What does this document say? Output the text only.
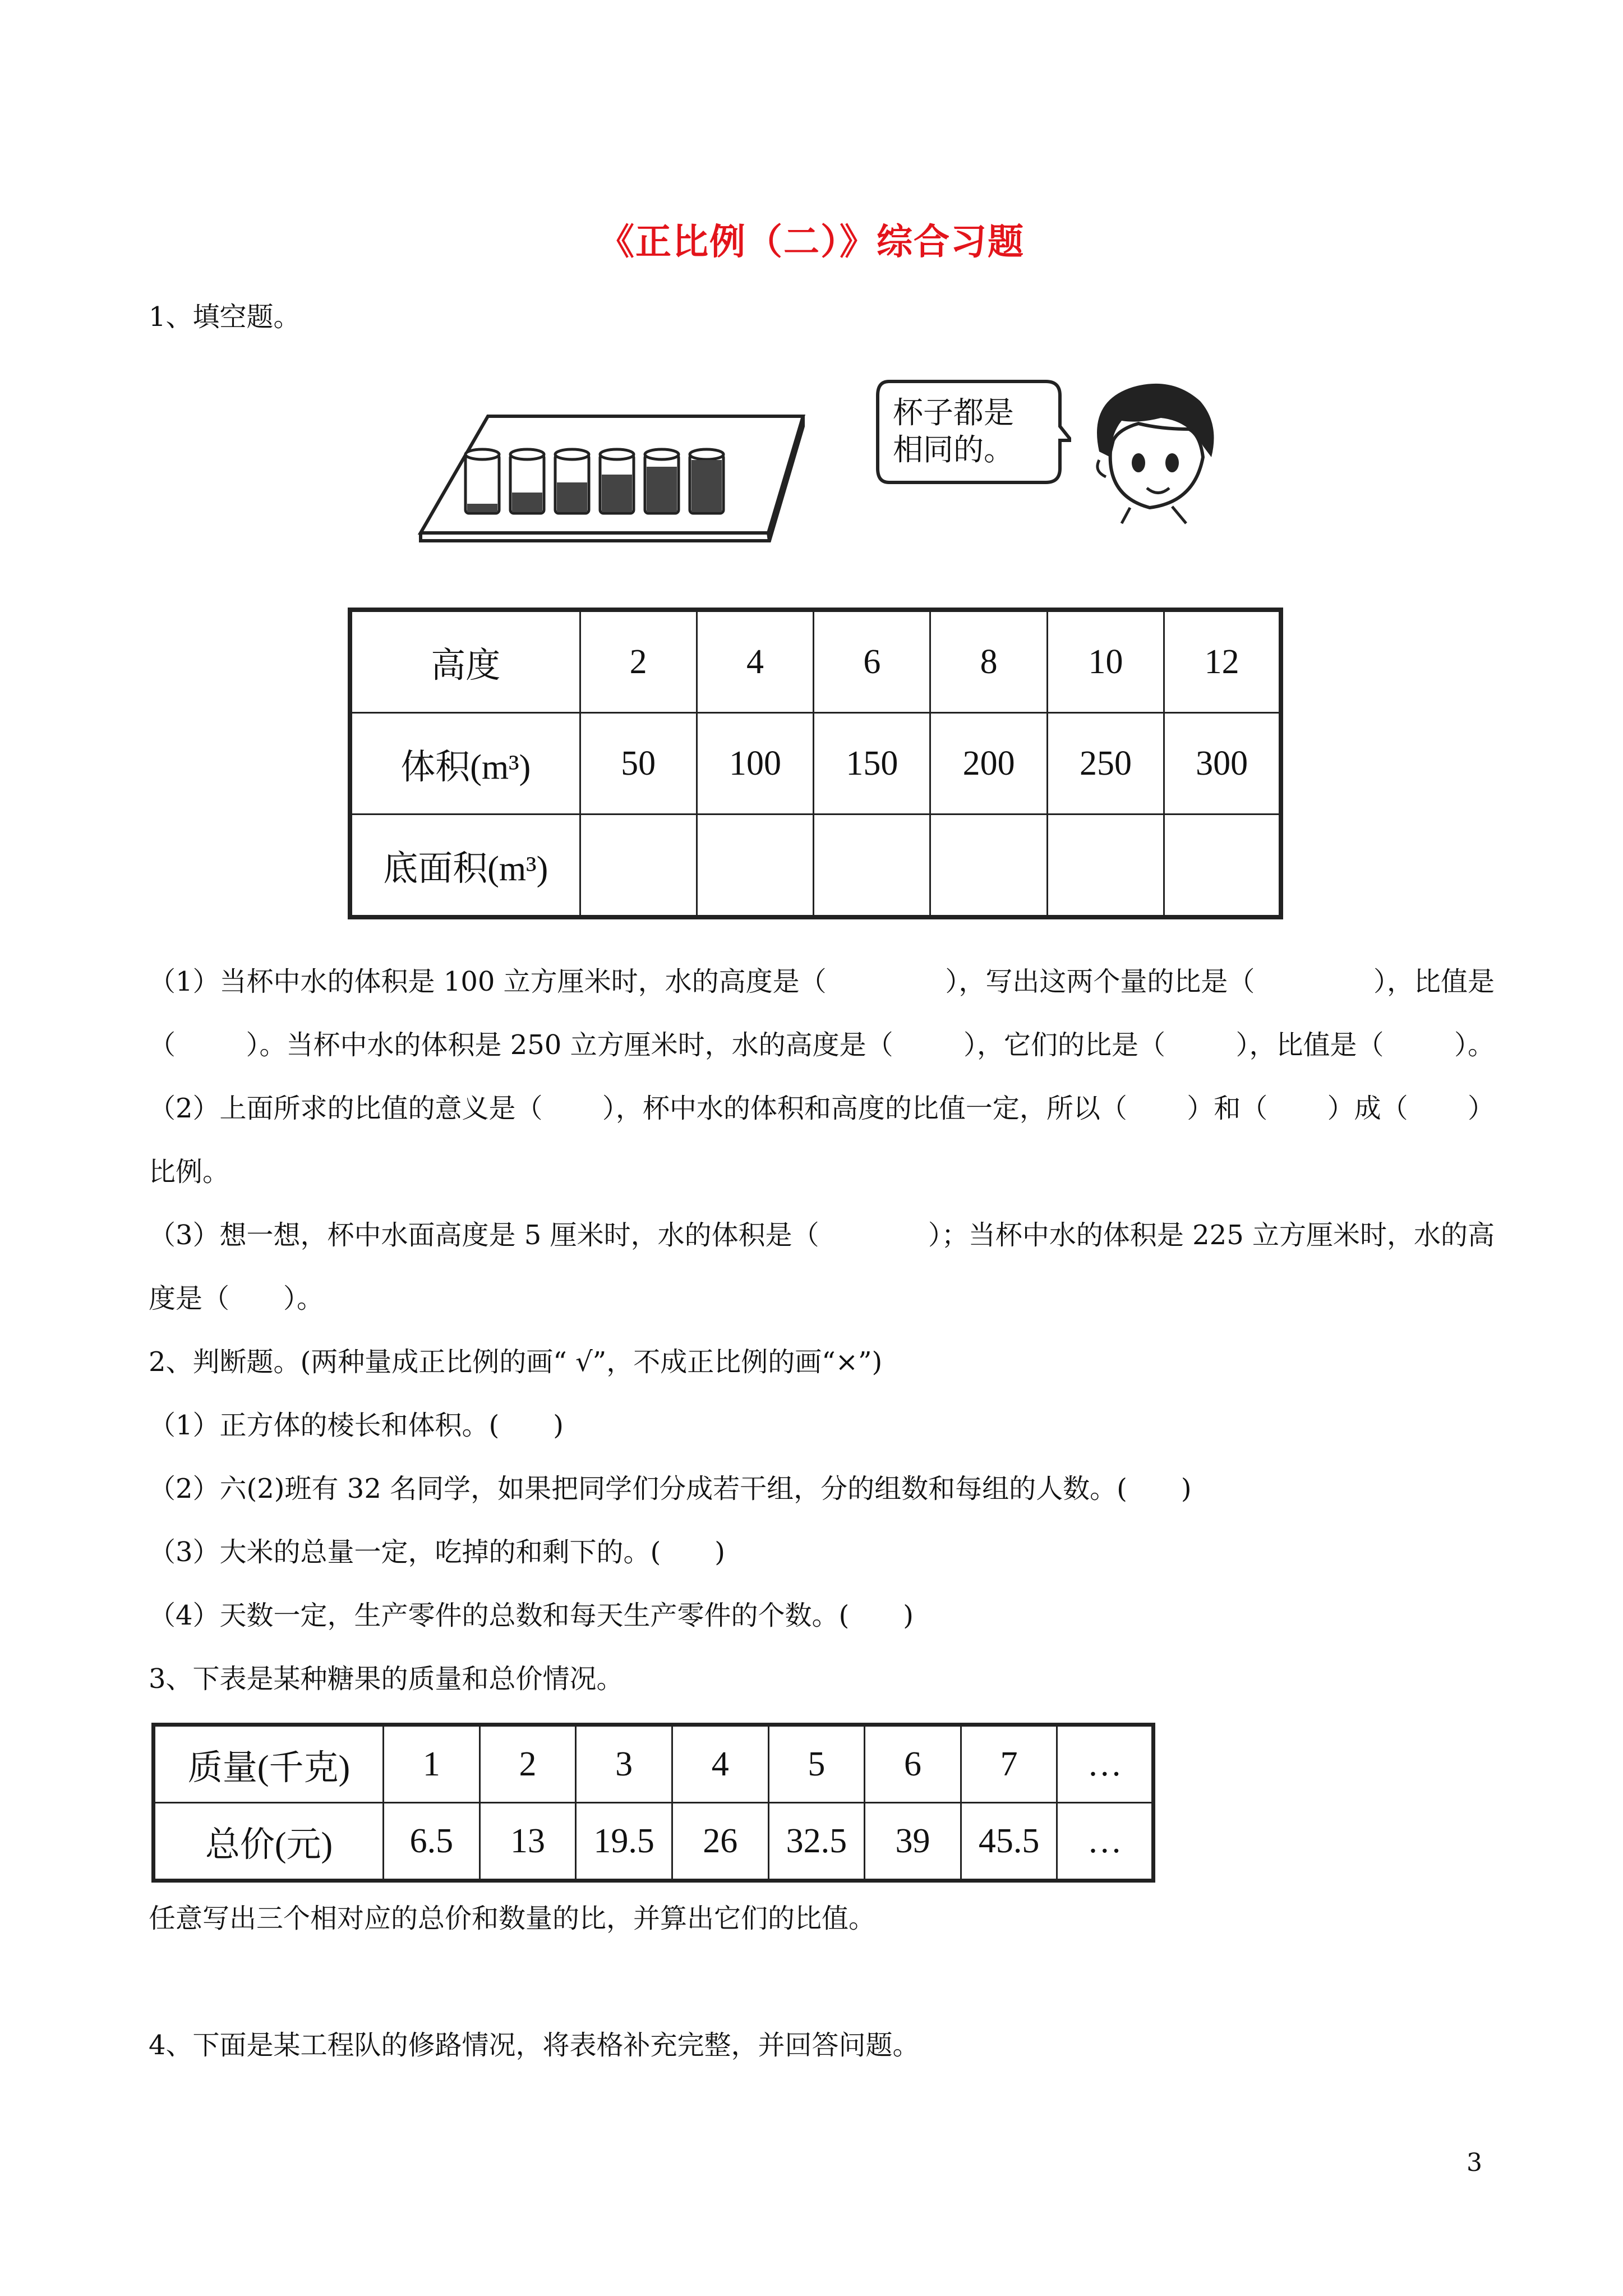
《正比例（二）》综合习题
1、填空题。
杯子都是
相同的。
高度	2	4	6	8	10	12
体积(m³)	50	100	150	200	250	300
底面积(m³)						
（1）当杯中水的体积是 100 立方厘米时，水的高度是（	），写出这两个量的比是（	），比值是
（	）。当杯中水的体积是 250 立方厘米时，水的高度是（	），它们的比是（	），比值是（	）。
（2）上面所求的比值的意义是（ ），杯中水的体积和高度的比值一定，所以（ ）和（ ）成（ ）
比例。
（3）想一想，杯中水面高度是 5 厘米时，水的体积是（	）；当杯中水的体积是 225 立方厘米时，水的高
度是（　　）。
2、判断题。(两种量成正比例的画“ √”，不成正比例的画“×”)
（1）正方体的棱长和体积。(　　)
（2）六(2)班有 32 名同学，如果把同学们分成若干组，分的组数和每组的人数。(　　)
（3）大米的总量一定，吃掉的和剩下的。(　　)
（4）天数一定，生产零件的总数和每天生产零件的个数。(　　)
3、下表是某种糖果的质量和总价情况。
质量(千克)	1	2	3	4	5	6	7	…
总价(元)	6.5	13	19.5	26	32.5	39	45.5	…
任意写出三个相对应的总价和数量的比，并算出它们的比值。
4、下面是某工程队的修路情况，将表格补充完整，并回答问题。
3
